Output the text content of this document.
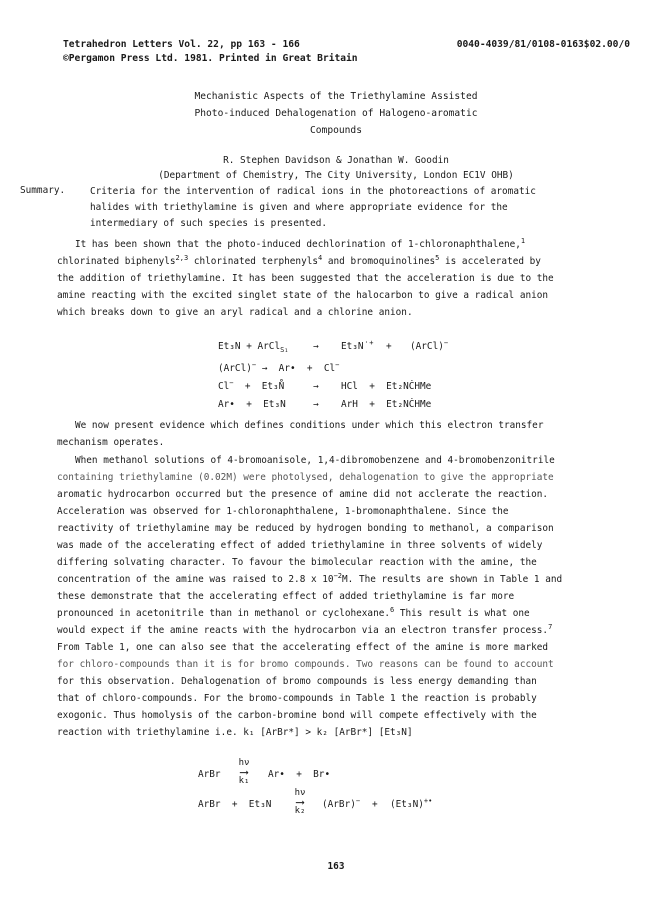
Tetrahedron Letters Vol. 22, pp 163 - 166
©Pergamon Press Ltd. 1981. Printed in Great Britain
0040-4039/81/0108-0163$02.00/0
Mechanistic Aspects of the Triethylamine Assisted
Photo-induced Dehalogenation of Halogeno-aromatic
Compounds
R. Stephen Davidson & Jonathan W. Goodin
(Department of Chemistry, The City University, London EC1V OHB)
Summary.	Criteria for the intervention of radical ions in the photoreactions of aromatic
halides with triethylamine is given and where appropriate evidence for the
intermediary of such species is presented.
It has been shown that the photo-induced dechlorination of 1-chloronaphthalene,$^1$
chlorinated biphenyls$^{2,3}$ chlorinated terphenyls$^4$ and bromoquinolines$^5$ is accelerated by
the addition of triethylamine. It has been suggested that the acceleration is due to the
amine reacting with the excited singlet state of the halocarbon to give a radical anion
which breaks down to give an aryl radical and a chlorine anion.
Et₃N + ArCl$_{S_1}$	→ Et₃N˙+ + (ArCl)−
(ArCl)− →  Ar•  +  Cl−
Cl− +  Et₃N̊	→ HCl  +  Et₂NĊHMe
Ar•  +  Et₃N	→ ArH  +  Et₂NĊHMe
We now present evidence which defines conditions under which this electron transfer
mechanism operates.
When methanol solutions of 4-bromoanisole, 1,4-dibromobenzene and 4-bromobenzonitrile
containing triethylamine (0.02M) were photolysed, dehalogenation to give the appropriate
aromatic hydrocarbon occurred but the presence of amine did not acclerate the reaction.
Acceleration was observed for 1-chloronaphthalene, 1-bromonaphthalene. Since the
reactivity of triethylamine may be reduced by hydrogen bonding to methanol, a comparison
was made of the accelerating effect of added triethylamine in three solvents of widely
differing solvating character. To favour the bimolecular reaction with the amine, the
concentration of the amine was raised to 2.8 x $10^{-2}M$. The results are shown in Table 1 and
these demonstrate that the accelerating effect of added triethylamine is far more
pronounced in acetonitrile than in methanol or cyclohexane.$^6$ This result is what one
would expect if the amine reacts with the hydrocarbon via an electron transfer process.$^7$
From Table 1, one can also see that the accelerating effect of the amine is more marked
for chloro-compounds than it is for bromo compounds. Two reasons can be found to account
for this observation. Dehalogenation of bromo compounds is less energy demanding than
that of chloro-compounds. For the bromo-compounds in Table 1 the reaction is probably
exogonic. Thus homolysis of the carbon-bromine bond will compete effectively with the
reaction with triethylamine i.e. k₁ [ArBr*] > k₂ [ArBr*] [Et₃N]
ArBr
hν
⟶
k₁
Ar•  +  Br•
ArBr  +  Et₃N
hν
⟶
k₂
(ArBr)− + (Et₃N)+•
163
